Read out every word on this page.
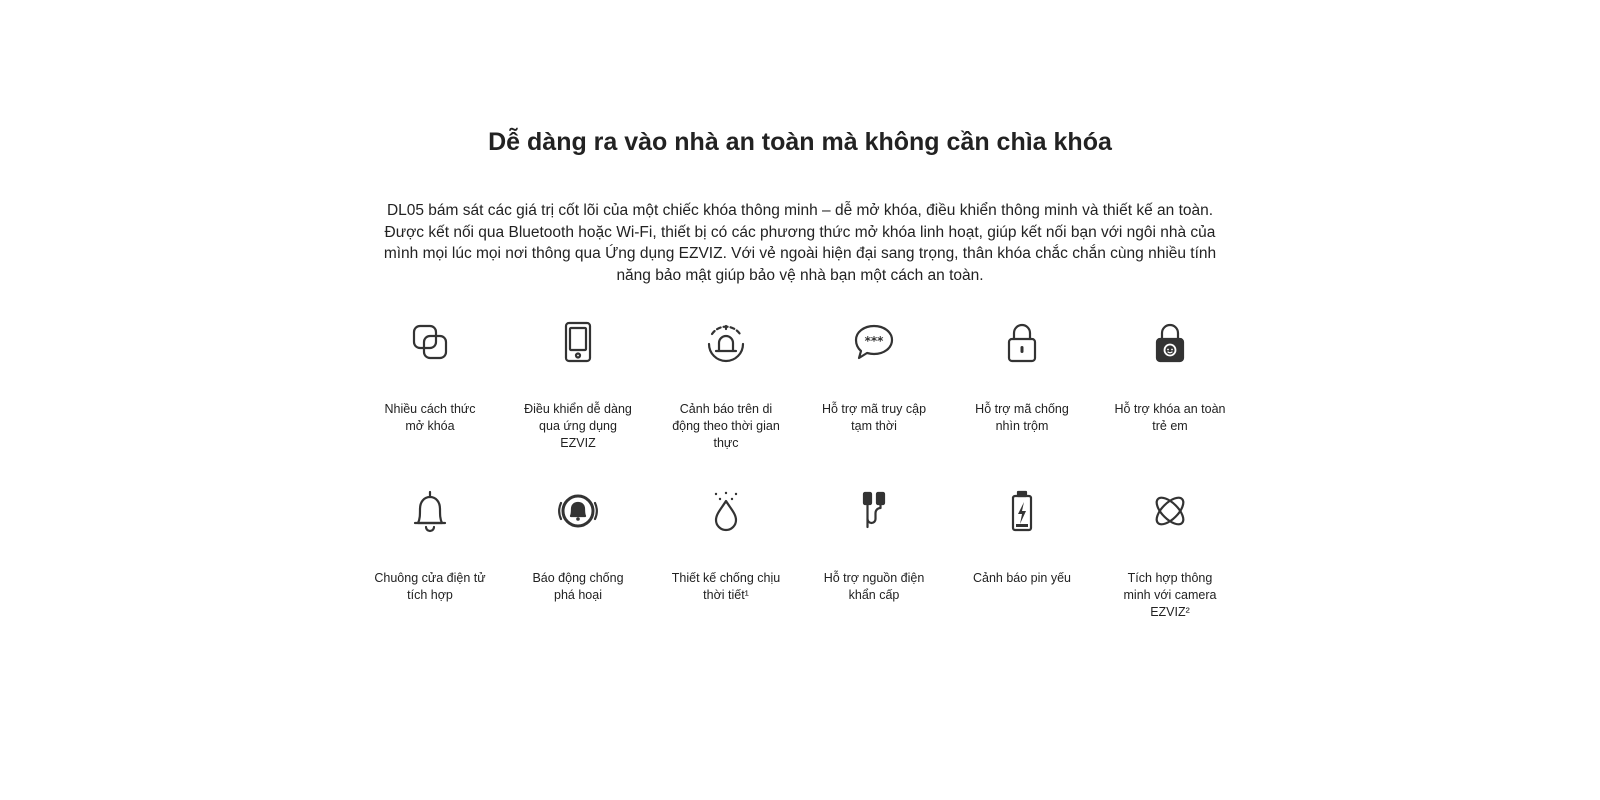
Dễ dàng ra vào nhà an toàn mà không cần chìa khóa

DL05 bám sát các giá trị cốt lõi của một chiếc khóa thông minh – dễ mở khóa, điều khiển thông minh và thiết kế an toàn. Được kết nối qua Bluetooth hoặc Wi-Fi, thiết bị có các phương thức mở khóa linh hoạt, giúp kết nối bạn với ngôi nhà của mình mọi lúc mọi nơi thông qua Ứng dụng EZVIZ. Với vẻ ngoài hiện đại sang trọng, thân khóa chắc chắn cùng nhiều tính năng bảo mật giúp bảo vệ nhà bạn một cách an toàn.

Nhiều cách thức mở khóa
Điều khiển dễ dàng qua ứng dụng EZVIZ
Cảnh báo trên di động theo thời gian thực
***
Hỗ trợ mã truy cập tạm thời
Hỗ trợ mã chống nhìn trộm
Hỗ trợ khóa an toàn trẻ em
Chuông cửa điện tử tích hợp
Báo động chống phá hoại
Thiết kế chống chịu thời tiết¹
Hỗ trợ nguồn điện khẩn cấp
Cảnh báo pin yếu	Tích hợp thông minh với camera EZVIZ²
